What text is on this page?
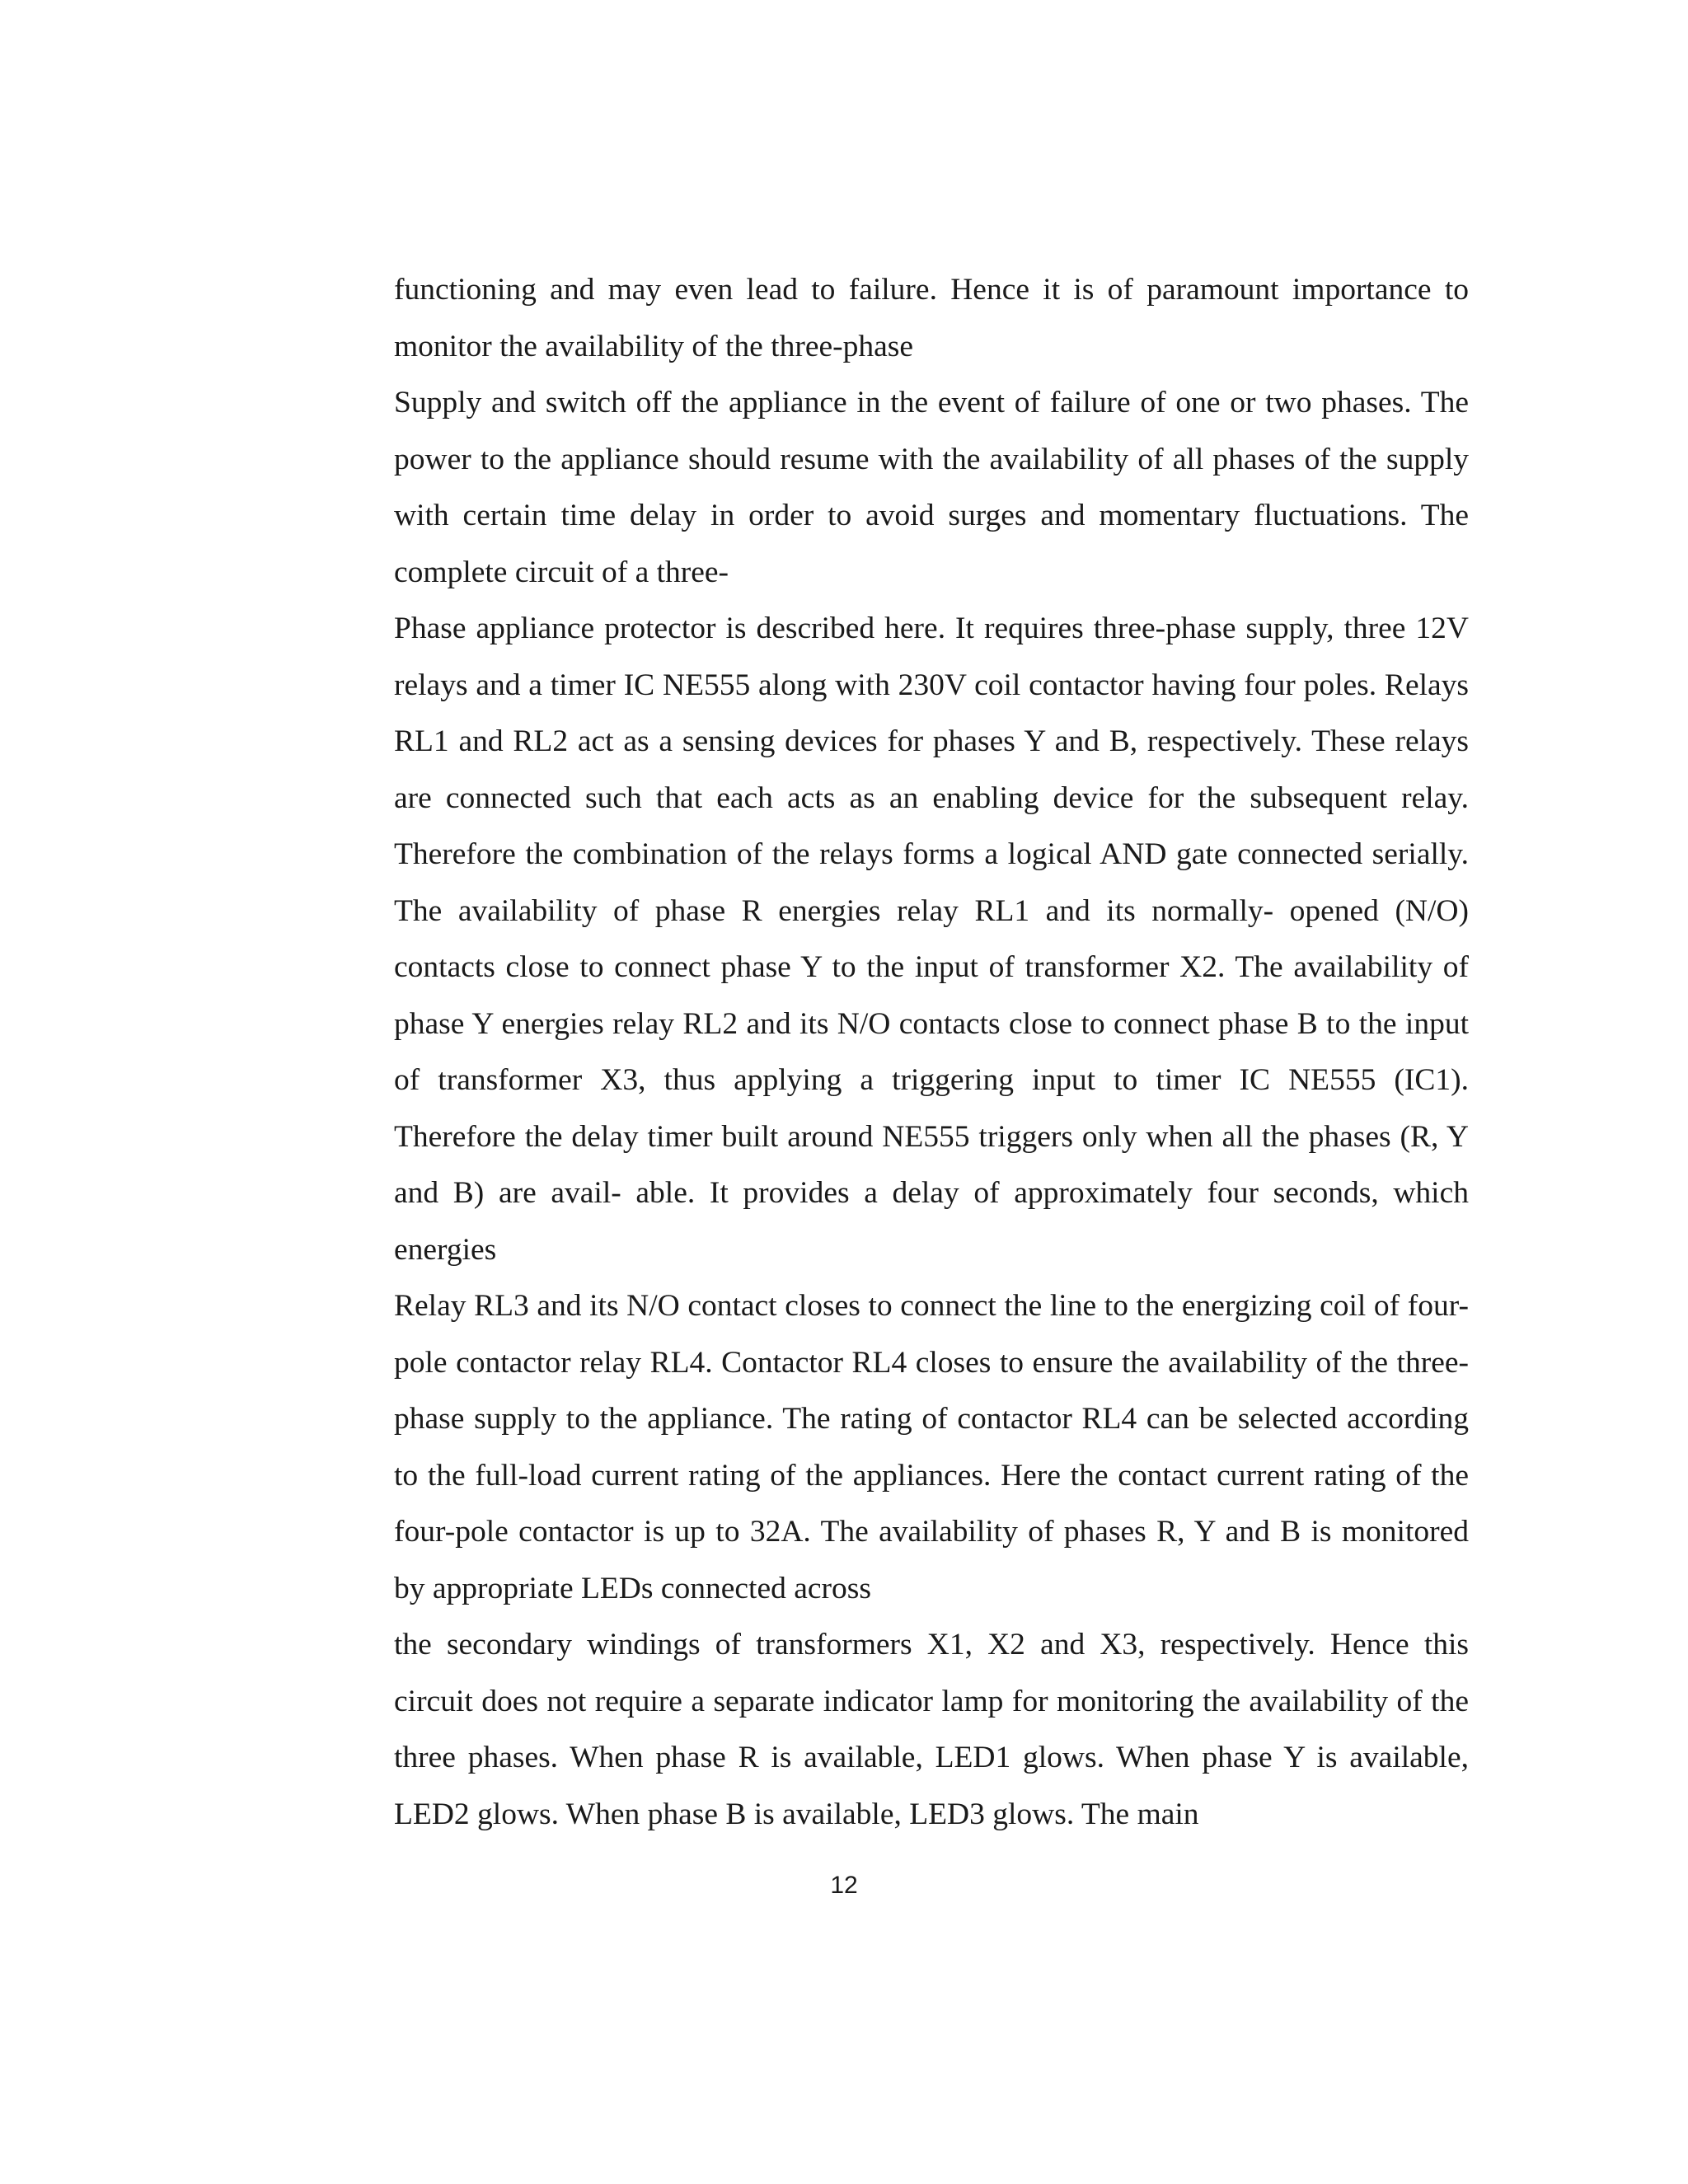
functioning and may even lead to failure. Hence it is of paramount importance to monitor the availability of the three-phase

Supply and switch off the appliance in the event of failure of one or two phases. The power to the appliance should resume with the availability of all phases of the supply with certain time delay in order to avoid surges and momentary fluctuations. The complete circuit of a three-

Phase appliance protector is described here. It requires three-phase supply, three 12V relays and a timer IC NE555 along with 230V coil contactor having four poles. Relays RL1 and RL2 act as a sensing devices for phases Y and B, respectively. These relays are connected such that each acts as an enabling device for the subsequent relay. Therefore the combination of the relays forms a logical AND gate connected serially. The availability of phase R energies relay RL1 and its normally- opened (N/O) contacts close to connect phase Y to the input of transformer X2. The availability of phase Y energies relay RL2 and its N/O contacts close to connect phase B to the input of transformer X3, thus applying a triggering input to timer IC NE555 (IC1). Therefore the delay timer built around NE555 triggers only when all the phases (R, Y and B) are avail- able. It provides a delay of approximately four seconds, which energies

Relay RL3 and its N/O contact closes to connect the line to the energizing coil of four-pole contactor relay RL4. Contactor RL4 closes to ensure the availability of the three-phase supply to the appliance. The rating of contactor RL4 can be selected according to the full-load current rating of the appliances. Here the contact current rating of the four-pole contactor is up to 32A. The availability of phases R, Y and B is monitored by appropriate LEDs connected across

the secondary windings of transformers X1, X2 and X3, respectively. Hence this circuit does not require a separate indicator lamp for monitoring the availability of the three phases. When phase R is available, LED1 glows. When phase Y is available, LED2 glows. When phase B is available, LED3 glows. The main

12
